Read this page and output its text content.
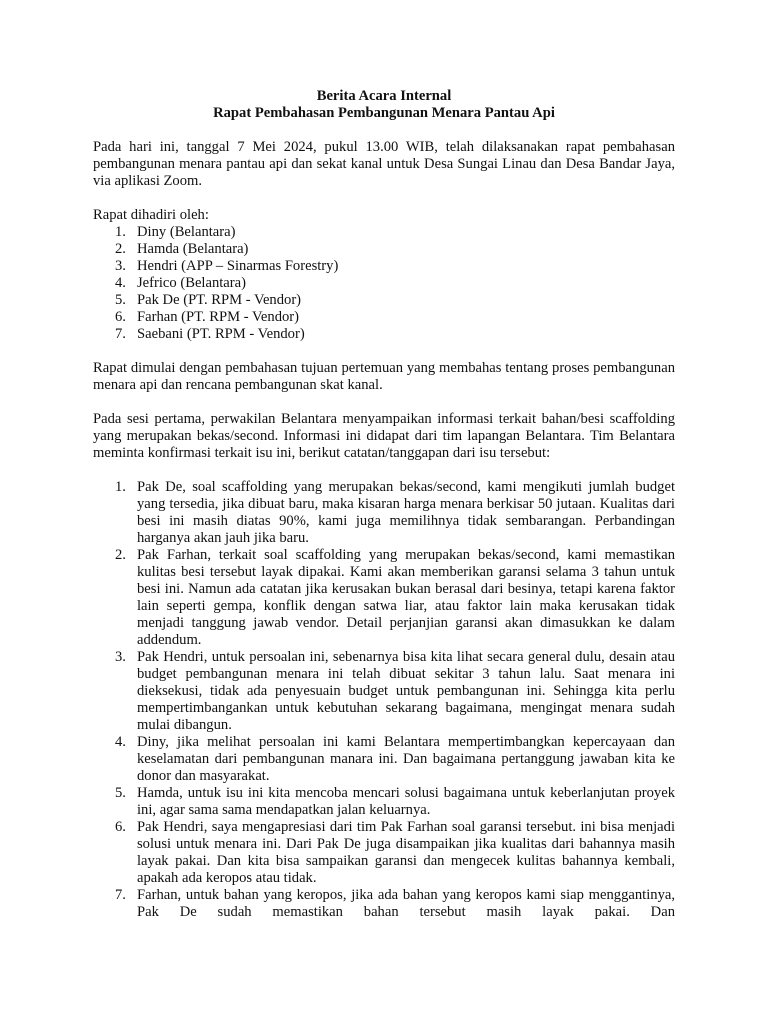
Berita Acara Internal

Rapat Pembahasan Pembangunan Menara Pantau Api

Pada hari ini, tanggal 7 Mei 2024, pukul 13.00 WIB, telah dilaksanakan rapat pembahasan pembangunan menara pantau api dan sekat kanal untuk Desa Sungai Linau dan Desa Bandar Jaya, via aplikasi Zoom.

Rapat dihadiri oleh:

1. Diny (Belantara)
2. Hamda (Belantara)
3. Hendri (APP – Sinarmas Forestry)
4. Jefrico (Belantara)
5. Pak De (PT. RPM - Vendor)
6. Farhan (PT. RPM - Vendor)
7. Saebani (PT. RPM - Vendor)

Rapat dimulai dengan pembahasan tujuan pertemuan yang membahas tentang proses pembangunan menara api dan rencana pembangunan skat kanal.

Pada sesi pertama, perwakilan Belantara menyampaikan informasi terkait bahan/besi scaffolding yang merupakan bekas/second. Informasi ini didapat dari tim lapangan Belantara. Tim Belantara meminta konfirmasi terkait isu ini, berikut catatan/tanggapan dari isu tersebut:

1. Pak De, soal scaffolding yang merupakan bekas/second, kami mengikuti jumlah budget yang tersedia, jika dibuat baru, maka kisaran harga menara berkisar 50 jutaan. Kualitas dari besi ini masih diatas 90%, kami juga memilihnya tidak sembarangan. Perbandingan harganya akan jauh jika baru.
2. Pak Farhan, terkait soal scaffolding yang merupakan bekas/second, kami memastikan kulitas besi tersebut layak dipakai. Kami akan memberikan garansi selama 3 tahun untuk besi ini. Namun ada catatan jika kerusakan bukan berasal dari besinya, tetapi karena faktor lain seperti gempa, konflik dengan satwa liar, atau faktor lain maka kerusakan tidak menjadi tanggung jawab vendor. Detail perjanjian garansi akan dimasukkan ke dalam addendum.
3. Pak Hendri, untuk persoalan ini, sebenarnya bisa kita lihat secara general dulu, desain atau budget pembangunan menara ini telah dibuat sekitar 3 tahun lalu. Saat menara ini dieksekusi, tidak ada penyesuain budget untuk pembangunan ini. Sehingga kita perlu mempertimbangankan untuk kebutuhan sekarang bagaimana, mengingat menara sudah mulai dibangun.
4. Diny, jika melihat persoalan ini kami Belantara mempertimbangkan kepercayaan dan keselamatan dari pembangunan manara ini. Dan bagaimana pertanggung jawaban kita ke donor dan masyarakat.
5. Hamda, untuk isu ini kita mencoba mencari solusi bagaimana untuk keberlanjutan proyek ini, agar sama sama mendapatkan jalan keluarnya.
6. Pak Hendri, saya mengapresiasi dari tim Pak Farhan soal garansi tersebut. ini bisa menjadi solusi untuk menara ini. Dari Pak De juga disampaikan jika kualitas dari bahannya masih layak pakai. Dan kita bisa sampaikan garansi dan mengecek kulitas bahannya kembali, apakah ada keropos atau tidak.
7. Farhan, untuk bahan yang keropos, jika ada bahan yang keropos kami siap menggantinya, Pak De sudah memastikan bahan tersebut masih layak pakai. Dan
